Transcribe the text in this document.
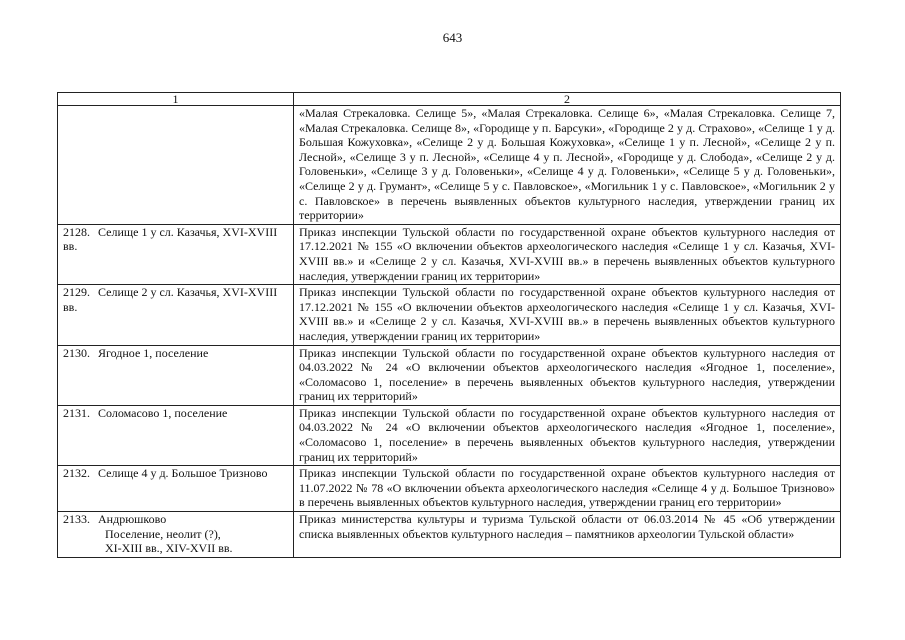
643
1	2
	«Малая Стрекаловка. Селище 5», «Малая Стрекаловка. Селище 6», «Малая Стрекаловка. Селище 7, «Малая Стрекаловка. Селище 8», «Городище у п. Барсуки», «Городище 2 у д. Страхово», «Селище 1 у д. Большая Кожуховка», «Селище 2 у д. Большая Кожуховка», «Селище 1 у п. Лесной», «Селище 2 у п. Лесной», «Селище 3 у п. Лесной», «Селище 4 у п. Лесной», «Городище у д. Слобода», «Селище 2 у д. Головеньки», «Селище 3 у д. Головеньки», «Селище 4 у д. Головеньки», «Селище 5 у д. Головеньки», «Селище 2 у д. Грумант», «Селище 5 у с. Павловское», «Могильник 1 у с. Павловское», «Могильник 2 у с. Павловское» в перечень выявленных объектов культурного наследия, утверждении границ их территории»
2128. Селище 1 у сл. Казачья, XVI-XVIII вв.	Приказ инспекции Тульской области по государственной охране объектов культурного наследия от 17.12.2021 № 155 «О включении объектов археологического наследия «Селище 1 у сл. Казачья, XVI-XVIII вв.» и «Селище 2 у сл. Казачья, XVI-XVIII вв.» в перечень выявленных объектов культурного наследия, утверждении границ их территории»
2129. Селище 2 у сл. Казачья, XVI-XVIII вв.	Приказ инспекции Тульской области по государственной охране объектов культурного наследия от 17.12.2021 № 155 «О включении объектов археологического наследия «Селище 1 у сл. Казачья, XVI-XVIII вв.» и «Селище 2 у сл. Казачья, XVI-XVIII вв.» в перечень выявленных объектов культурного наследия, утверждении границ их территории»
2130. Ягодное 1, поселение	Приказ инспекции Тульской области по государственной охране объектов культурного наследия от 04.03.2022 № 24 «О включении объектов археологического наследия «Ягодное 1, поселение», «Соломасово 1, поселение» в перечень выявленных объектов культурного наследия, утверждении границ их территорий»
2131. Соломасово 1, поселение	Приказ инспекции Тульской области по государственной охране объектов культурного наследия от 04.03.2022 № 24 «О включении объектов археологического наследия «Ягодное 1, поселение», «Соломасово 1, поселение» в перечень выявленных объектов культурного наследия, утверждении границ их территорий»
2132. Селище 4 у д. Большое Тризново	Приказ инспекции Тульской области по государственной охране объектов культурного наследия от 11.07.2022 № 78 «О включении объекта археологического наследия «Селище 4 у д. Большое Тризново» в перечень выявленных объектов культурного наследия, утверждении границ его территории»

2133. Андрюшково
Поселение, неолит (?),
XI-XIII вв., XIV-XVII вв.	Приказ министерства культуры и туризма Тульской области от 06.03.2014 № 45 «Об утверждении списка выявленных объектов культурного наследия – памятников археологии Тульской области»
